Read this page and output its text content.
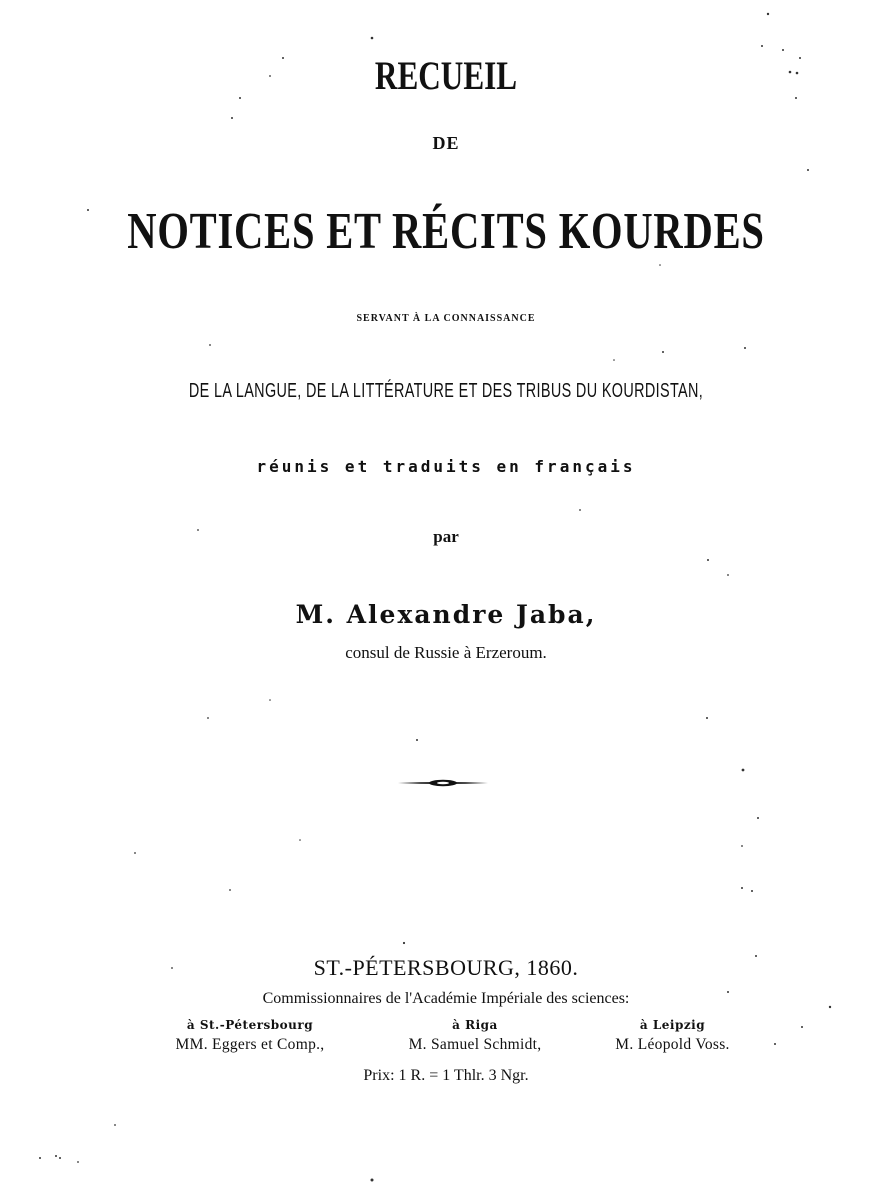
RECUEIL
DE
NOTICES ET RÉCITS KOURDES
SERVANT À LA CONNAISSANCE
DE LA LANGUE, DE LA LITTÉRATURE ET DES TRIBUS DU KOURDISTAN,
réunis et traduits en français
par
M. Alexandre Jaba,
consul de Russie à Erzeroum.
ST.-PÉTERSBOURG, 1860.
Commissionnaires de l'Académie Impériale des sciences:
à St.-Pétersbourg
MM. Eggers et Comp.,
à Riga
M. Samuel Schmidt,
à Leipzig
M. Léopold Voss.
Prix: 1 R. = 1 Thlr. 3 Ngr.
